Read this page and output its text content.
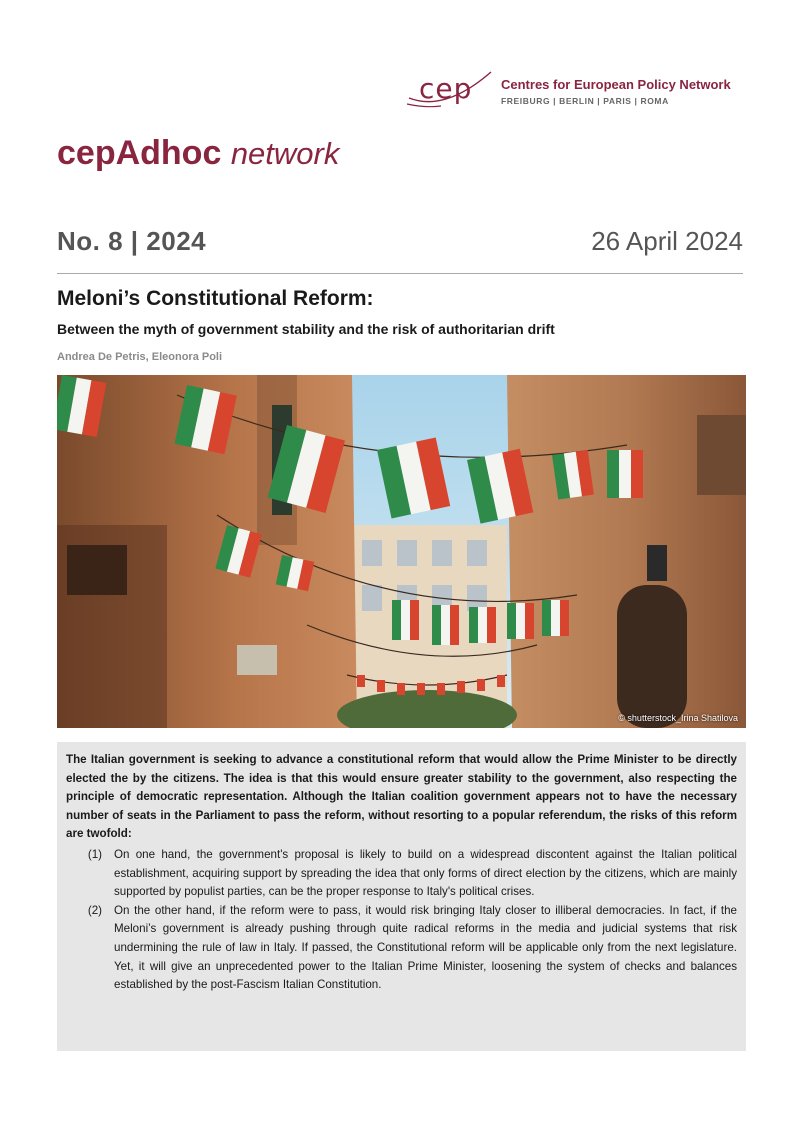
cep Centres for European Policy Network
FREIBURG | BERLIN | PARIS | ROMA
cepAdhoc network
No. 8 | 2024	26 April 2024
Meloni’s Constitutional Reform:
Between the myth of government stability and the risk of authoritarian drift
Andrea De Petris, Eleonora Poli
© shutterstock_Irina Shatilova

The Italian government is seeking to advance a constitutional reform that would allow the Prime Minister to be directly elected the by the citizens. The idea is that this would ensure greater stability to the government, also respecting the principle of democratic representation. Although the Italian coalition government appears not to have the necessary number of seats in the Parliament to pass the reform, without resorting to a popular referendum, the risks of this reform are twofold:

(1)	On one hand, the government's proposal is likely to build on a widespread discontent against the Italian political establishment, acquiring support by spreading the idea that only forms of direct election by the citizens, which are mainly supported by populist parties, can be the proper response to Italy's political crises.

(2)	On the other hand, if the reform were to pass, it would risk bringing Italy closer to illiberal democracies. In fact, if the Meloni’s government is already pushing through quite radical reforms in the media and judicial systems that risk undermining the rule of law in Italy. If passed, the Constitutional reform will be applicable only from the next legislature. Yet, it will give an unprecedented power to the Italian Prime Minister, loosening the system of checks and balances established by the post-Fascism Italian Constitution.
